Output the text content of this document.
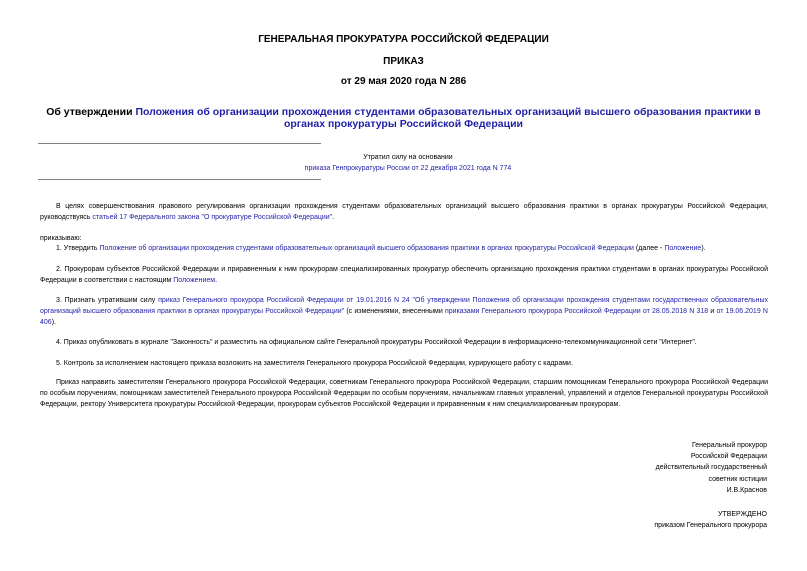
ГЕНЕРАЛЬНАЯ ПРОКУРАТУРА РОССИЙСКОЙ ФЕДЕРАЦИИ
ПРИКАЗ
от 29 мая 2020 года N 286
Об утверждении Положения об организации прохождения студентами образовательных организаций высшего образования практики в органах прокуратуры Российской Федерации
Утратил силу на основании
приказа Генпрокуратуры России от 22 декабря 2021 года N 774

В целях совершенствования правового регулирования организации прохождения студентами образовательных организаций высшего образования практики в органах прокуратуры Российской Федерации, руководствуясь статьей 17 Федерального закона "О прокуратуре Российской Федерации".

приказываю:

1. Утвердить Положение об организации прохождения студентами образовательных организаций высшего образования практики в органах прокуратуры Российской Федерации (далее - Положение).

2. Прокурорам субъектов Российской Федерации и приравненным к ним прокурорам специализированных прокуратур обеспечить организацию прохождения практики студентами в органах прокуратуры Российской Федерации в соответствии с настоящим Положением.

3. Признать утратившим силу приказ Генерального прокурора Российской Федерации от 19.01.2016 N 24 "Об утверждении Положения об организации прохождения студентами государственных образовательных организаций высшего образования практики в органах прокуратуры Российской Федерации" (с изменениями, внесенными приказами Генерального прокурора Российской Федерации от 28.05.2018 N 318 и от 19.06.2019 N 406).

4. Приказ опубликовать в журнале "Законность" и разместить на официальном сайте Генеральной прокуратуры Российской Федерации в информационно-телекоммуникационной сети "Интернет".

5. Контроль за исполнением настоящего приказа возложить на заместителя Генерального прокурора Российской Федерации, курирующего работу с кадрами.

Приказ направить заместителям Генерального прокурора Российской Федерации, советникам Генерального прокурора Российской Федерации, старшим помощникам Генерального прокурора Российской Федерации по особым поручениям, помощникам заместителей Генерального прокурора Российской Федерации по особым поручениям, начальникам главных управлений, управлений и отделов Генеральной прокуратуры Российской Федерации, ректору Университета прокуратуры Российской Федерации, прокурорам субъектов Российской Федерации и приравненным к ним специализированным прокурорам.

Генеральный прокурор
Российской Федерации
действительный государственный
советник юстиции
И.В.Краснов
УТВЕРЖДЕНО
приказом Генерального прокурора
